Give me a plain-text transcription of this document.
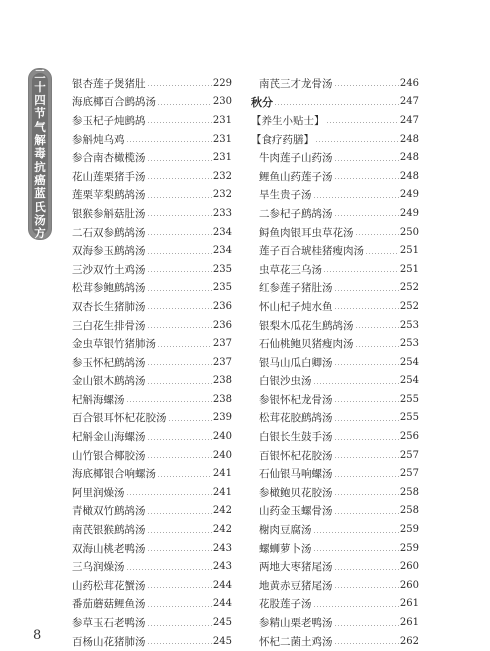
二
十
四
节
气
解
毒
抗
癌
蓝
氏
汤
方
银杏莲子煲猪肚	229
海底椰百合鹧鸪汤	230
参玉杞子炖鹧鸪	231
参斛炖乌鸡	231
参合南杏橄榄汤	231
花山莲栗猪手汤	232
莲栗苹梨鹧鸪汤	232
银猴参斛菇肚汤	233
二石双参鹧鸪汤	234
双海参玉鹧鸪汤	234
三沙双竹土鸡汤	235
松茸参鲍鹧鸪汤	235
双杏长生猪肺汤	236
三白花生排骨汤	236
金虫草银竹猪肺汤	237
参玉怀杞鹧鸪汤	237
金山银木鹧鸪汤	238
杞斛海螺汤	238
百合银耳怀杞花胶汤	239
杞斛金山海螺汤	240
山竹银合椰胶汤	240
海底椰银合响螺汤	241
阿里润燥汤	241
青橄双竹鹧鸪汤	242
南芪银猴鹧鸪汤	242
双海山桃老鸭汤	243
三乌润燥汤	243
山药松茸花蟹汤	244
番茄蘑菇鲤鱼汤	244
参草玉石老鸭汤	245
百杨山花猪肺汤	245
南芪三才龙骨汤	246
秋分	247
【养生小贴士】	247
【食疗药膳】	248
牛肉莲子山药汤	248
鲤鱼山药莲子汤	248
旱生贵子汤	249
二参杞子鹧鸪汤	249
鲟鱼肉银耳虫草花汤	250
莲子百合琥桂猪瘦肉汤	251
虫草花三乌汤	251
红参莲子猪肚汤	252
怀山杞子炖水鱼	252
银梨木瓜花生鹧鸪汤	253
石仙桃鲍贝猪瘦肉汤	253
银马山瓜白卿汤	254
白银沙虫汤	254
参银怀杞龙骨汤	255
松茸花胶鹧鸪汤	255
白银长生鼓手汤	256
百银怀杞花胶汤	257
石仙银马响螺汤	257
参橄鲍贝花胶汤	258
山药金玉螺骨汤	258
榭肉豆腐汤	259
螺蛳萝卜汤	259
两地大枣猪尾汤	260
地黄赤豆猪尾汤	260
花股莲子汤	261
参精山栗老鸭汤	261
怀杞二菌土鸡汤	262
8
